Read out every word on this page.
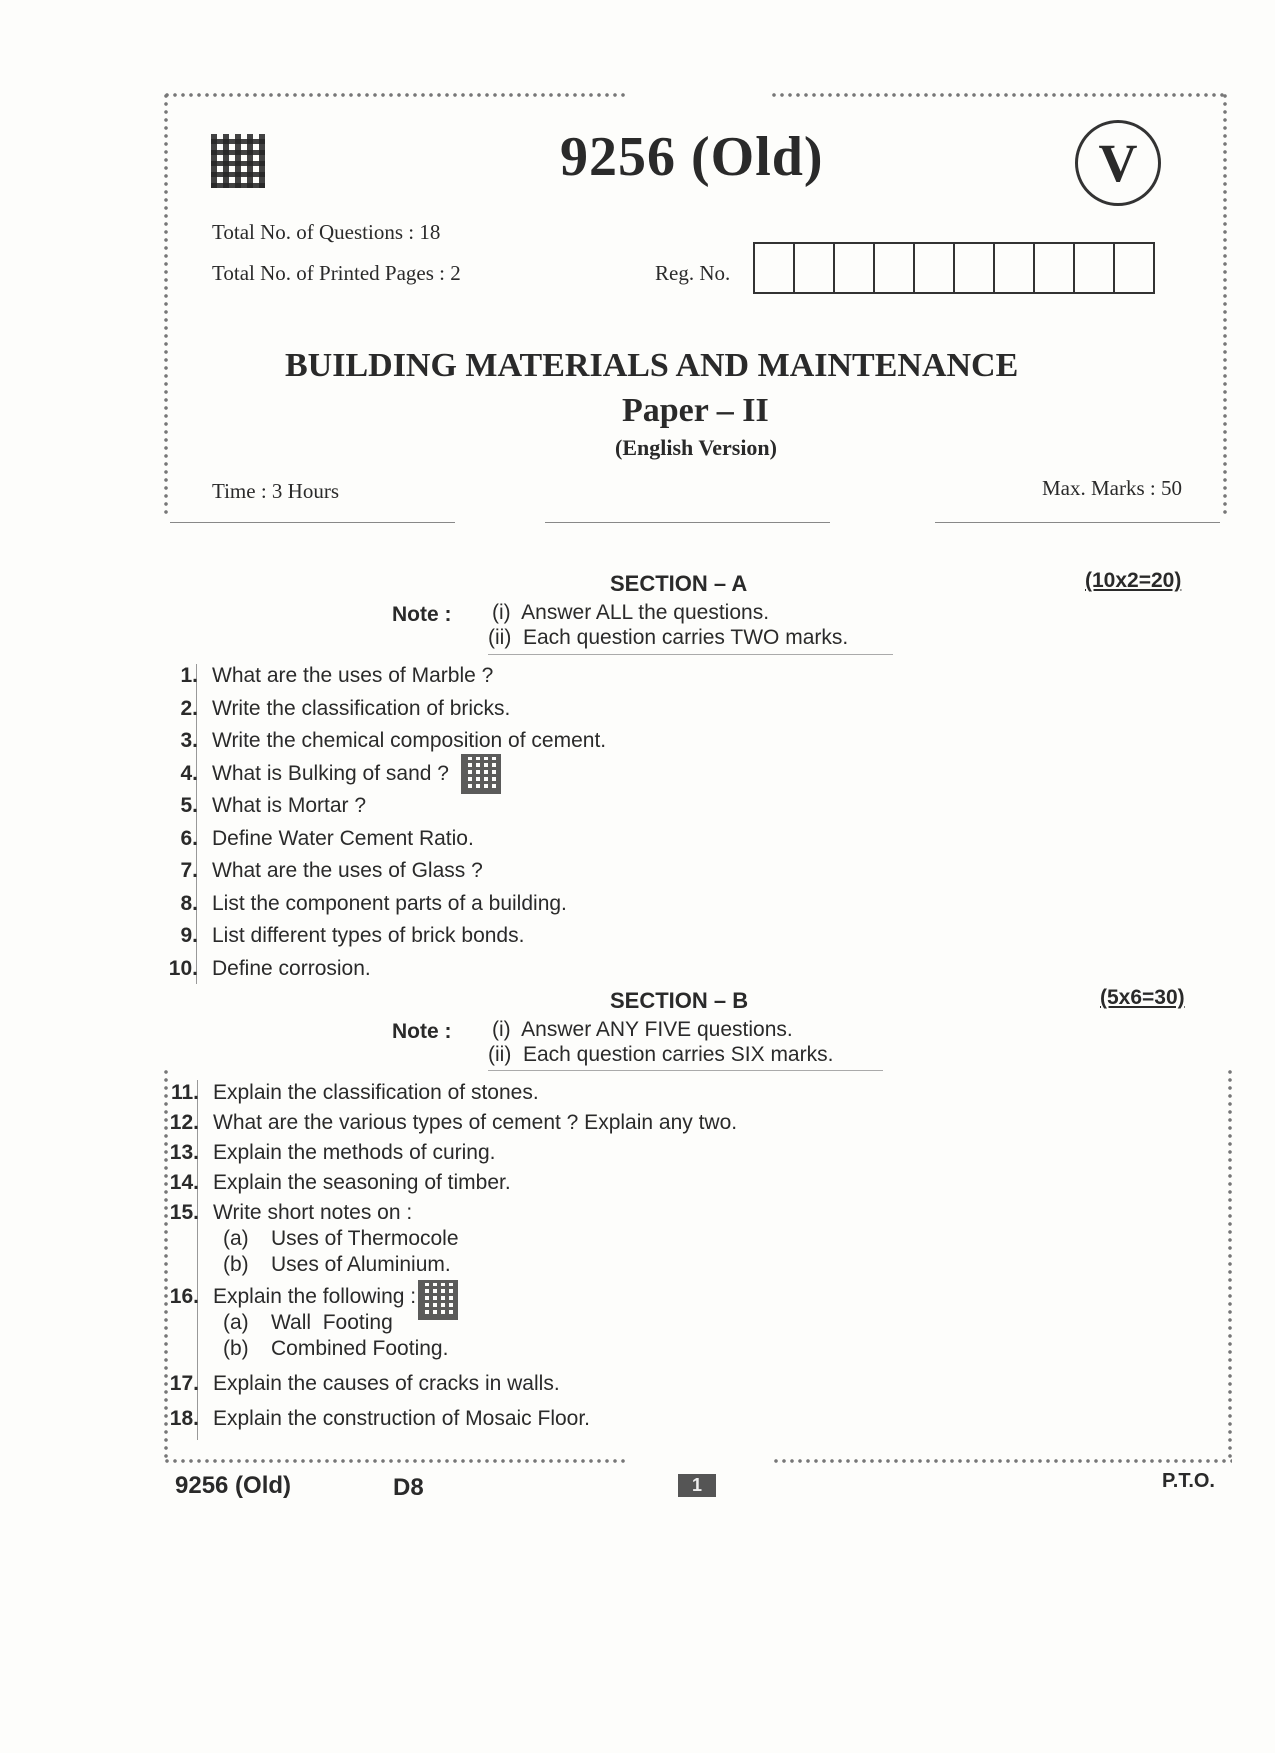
9256 (Old)	V
Total No. of Questions : 18
Total No. of Printed Pages : 2	Reg. No.
BUILDING MATERIALS AND MAINTENANCE
Paper – II
(English Version)
Time : 3 Hours	Max. Marks : 50
SECTION – A	(10x2=20)
Note : (i)  Answer ALL the questions.
(ii)  Each question carries TWO marks.
1. What are the uses of Marble ?
2. Write the classification of bricks.
3. Write the chemical composition of cement.
4. What is Bulking of sand ?
5. What is Mortar ?
6. Define Water Cement Ratio.
7. What are the uses of Glass ?
8. List the component parts of a building.
9. List different types of brick bonds.
10. Define corrosion.
SECTION – B	(5x6=30)
Note : (i)  Answer ANY FIVE questions.
(ii)  Each question carries SIX marks.
11. Explain the classification of stones.
12. What are the various types of cement ? Explain any two.
13. Explain the methods of curing.
14. Explain the seasoning of timber.
15. Write short notes on :
(a)	Uses of Thermocole
(b)	Uses of Aluminium.
16. Explain the following :
(a)	Wall  Footing
(b)	Combined Footing.
17. Explain the causes of cracks in walls.
18. Explain the construction of Mosaic Floor.
9256 (Old)	D8	1	P.T.O.
